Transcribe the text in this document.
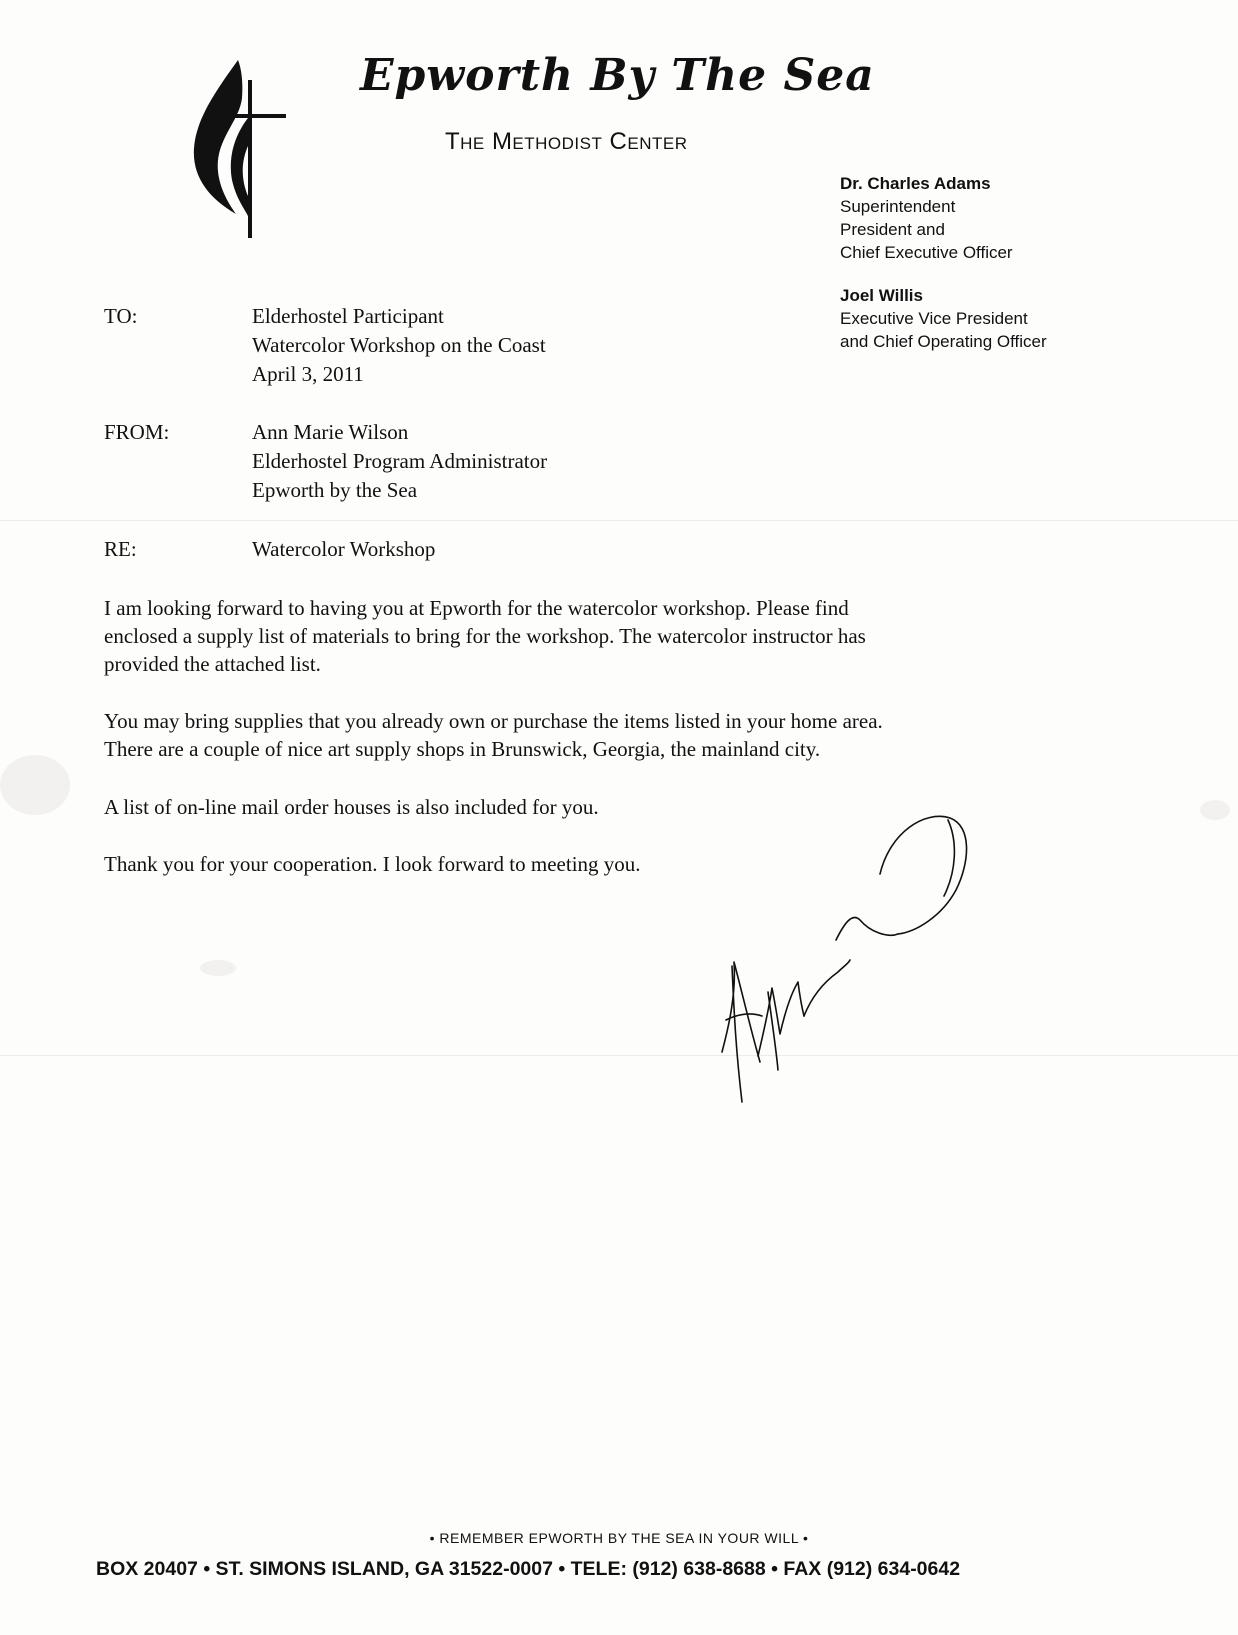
Epworth By The Sea
The Methodist Center
Dr. Charles Adams
Superintendent
President and
Chief Executive Officer
Joel Willis
Executive Vice President
and Chief Operating Officer
TO:	Elderhostel Participant
Watercolor Workshop on the Coast
April 3, 2011
FROM:	Ann Marie Wilson
Elderhostel Program Administrator
Epworth by the Sea
RE:	Watercolor Workshop
I am looking forward to having you at Epworth for the watercolor workshop. Please find
enclosed a supply list of materials to bring for the workshop. The watercolor instructor has
provided the attached list.
You may bring supplies that you already own or purchase the items listed in your home area.
There are a couple of nice art supply shops in Brunswick, Georgia, the mainland city.
A list of on-line mail order houses is also included for you.
Thank you for your cooperation. I look forward to meeting you.
• REMEMBER EPWORTH BY THE SEA IN YOUR WILL •
BOX 20407 • ST. SIMONS ISLAND, GA 31522-0007 • TELE: (912) 638-8688 • FAX (912) 634-0642
